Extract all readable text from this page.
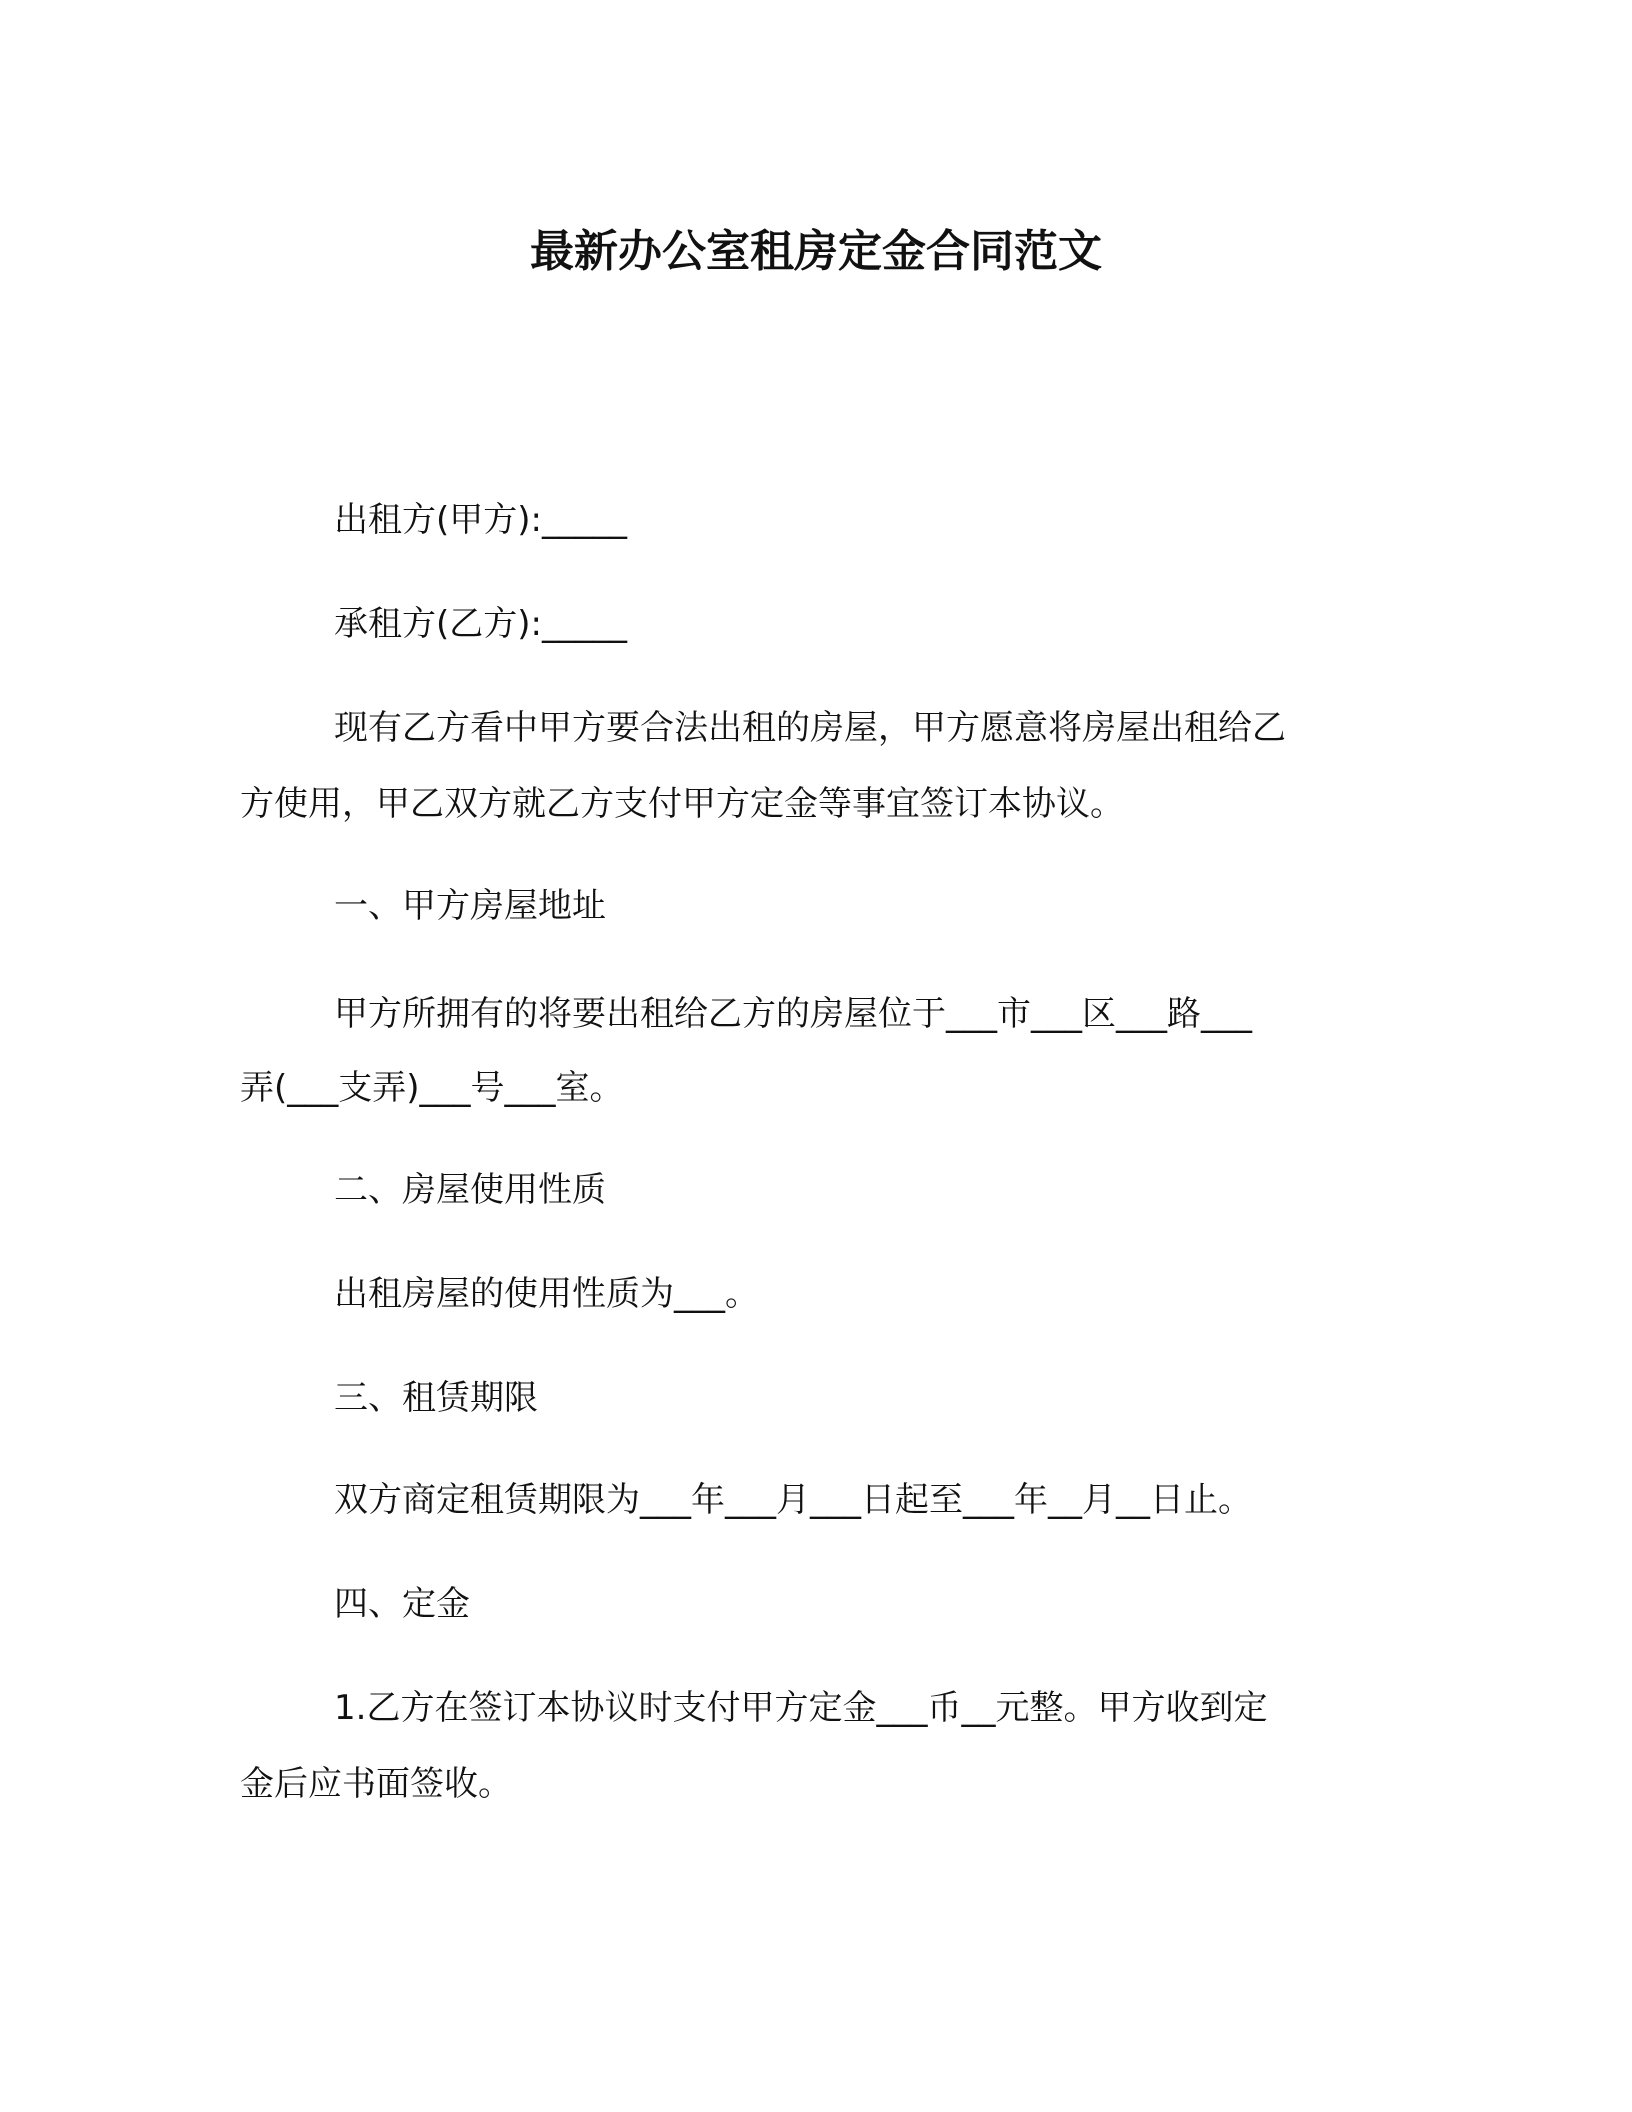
最新办公室租房定金合同范文
出租方(甲方):_____
承租方(乙方):_____
现有乙方看中甲方要合法出租的房屋，甲方愿意将房屋出租给乙
方使用，甲乙双方就乙方支付甲方定金等事宜签订本协议。
一、甲方房屋地址
甲方所拥有的将要出租给乙方的房屋位于___市___区___路___
弄(___支弄)___号___室。
二、房屋使用性质
出租房屋的使用性质为___。
三、租赁期限
双方商定租赁期限为___年___月___日起至___年__月__日止。
四、定金
1.乙方在签订本协议时支付甲方定金___币__元整。甲方收到定
金后应书面签收。
